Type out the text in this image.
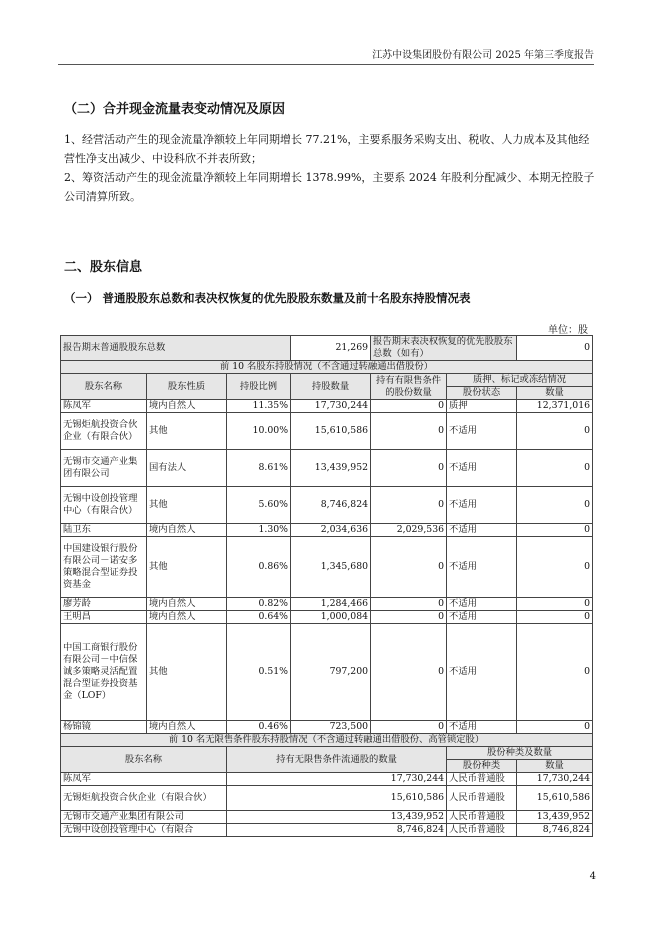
江苏中设集团股份有限公司 2025 年第三季度报告
（二）合并现金流量表变动情况及原因
1、经营活动产生的现金流量净额较上年同期增长 77.21%，主要系服务采购支出、税收、人力成本及其他经营性净支出减少、中设科欣不并表所致；
2、筹资活动产生的现金流量净额较上年同期增长 1378.99%，主要系 2024 年股利分配减少、本期无控股子公司清算所致。
二、股东信息
（一） 普通股股东总数和表决权恢复的优先股股东数量及前十名股东持股情况表
单位：股
报告期末普通股股东总数			21,269	报告期末表决权恢复的优先股股东总数（如有）		0
前 10 名股东持股情况（不含通过转融通出借股份）						
股东名称	股东性质	持股比例	持股数量	持有有限售条件的股份数量	质押、标记或冻结情况	
					股份状态	数量
陈凤军	境内自然人	11.35%	17,730,244	0	质押	12,371,016
无锡炬航投资合伙企业（有限合伙）	其他	10.00%	15,610,586	0	不适用	0
无锡市交通产业集团有限公司	国有法人	8.61%	13,439,952	0	不适用	0
无锡中设创投管理中心（有限合伙）	其他	5.60%	8,746,824	0	不适用	0
陆卫东	境内自然人	1.30%	2,034,636	2,029,536	不适用	0
中国建设银行股份有限公司－诺安多策略混合型证券投资基金	其他	0.86%	1,345,680	0	不适用	0
廖芳龄	境内自然人	0.82%	1,284,466	0	不适用	0
王明昌	境内自然人	0.64%	1,000,084	0	不适用	0
中国工商银行股份有限公司－中信保诚多策略灵活配置混合型证券投资基金（LOF）	其他	0.51%	797,200	0	不适用	0
杨锦镜	境内自然人	0.46%	723,500	0	不适用	0
前 10 名无限售条件股东持股情况（不含通过转融通出借股份、高管锁定股）						
股东名称		持有无限售条件流通股的数量			股份种类及数量	
					股份种类	数量
陈凤军		17,730,244			人民币普通股	17,730,244
无锡炬航投资合伙企业（有限合伙）		15,610,586			人民币普通股	15,610,586
无锡市交通产业集团有限公司		13,439,952			人民币普通股	13,439,952
无锡中设创投管理中心（有限合		8,746,824			人民币普通股	8,746,824
4
